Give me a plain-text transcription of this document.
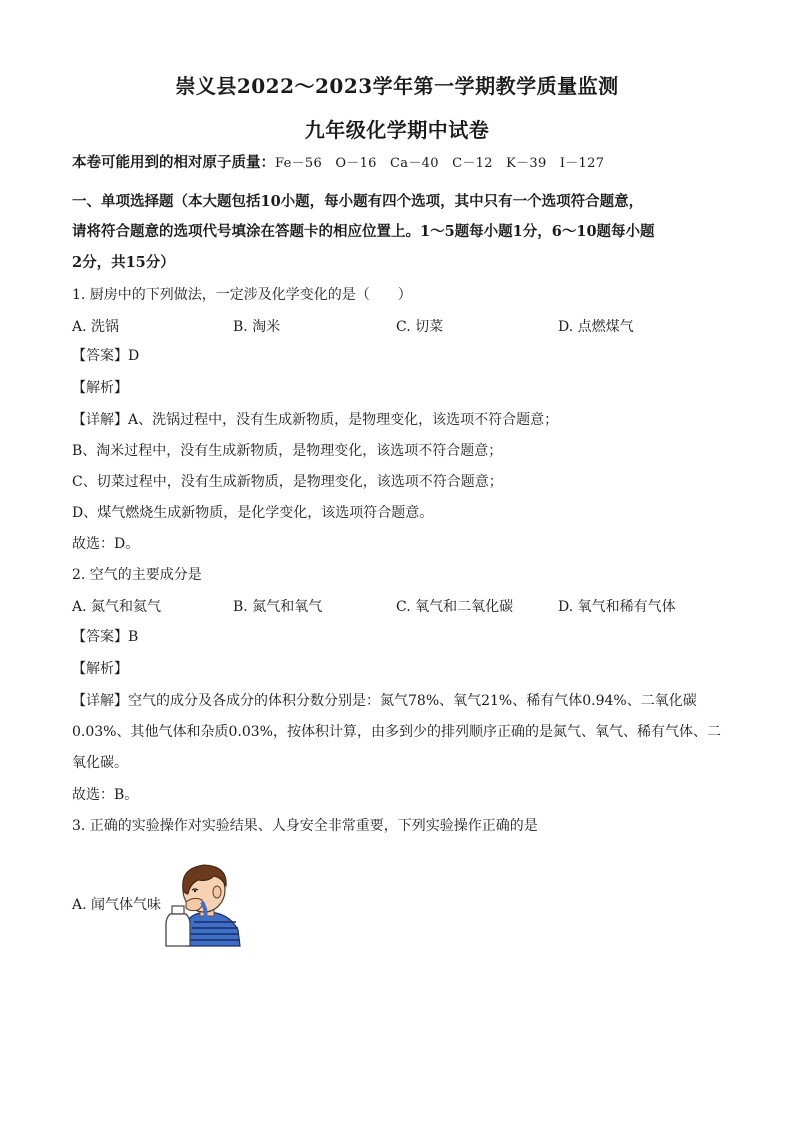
崇义县2022～2023学年第一学期教学质量监测
九年级化学期中试卷
本卷可能用到的相对原子质量：Fe－56　O－16　Ca－40　C－12　K－39　I－127
一、单项选择题（本大题包括10小题，每小题有四个选项，其中只有一个选项符合题意，
请将符合题意的选项代号填涂在答题卡的相应位置上。1～5题每小题1分，6～10题每小题
2分，共15分）
1. 厨房中的下列做法，一定涉及化学变化的是（　　）
A. 洗锅	B. 淘米	C. 切菜	D. 点燃煤气
【答案】D
【解析】
【详解】A、洗锅过程中，没有生成新物质，是物理变化，该选项不符合题意；
B、淘米过程中，没有生成新物质，是物理变化，该选项不符合题意；
C、切菜过程中，没有生成新物质，是物理变化，该选项不符合题意；
D、煤气燃烧生成新物质，是化学变化，该选项符合题意。
故选：D。
2. 空气的主要成分是
A. 氮气和氦气	B. 氮气和氧气	C. 氧气和二氧化碳	D. 氧气和稀有气体
【答案】B
【解析】
【详解】空气的成分及各成分的体积分数分别是：氮气78%、氧气21%、稀有气体0.94%、二氧化碳
0.03%、其他气体和杂质0.03%，按体积计算，由多到少的排列顺序正确的是氮气、氧气、稀有气体、二
氧化碳。
故选：B。
3. 正确的实验操作对实验结果、人身安全非常重要，下列实验操作正确的是
A. 闻气体气味
